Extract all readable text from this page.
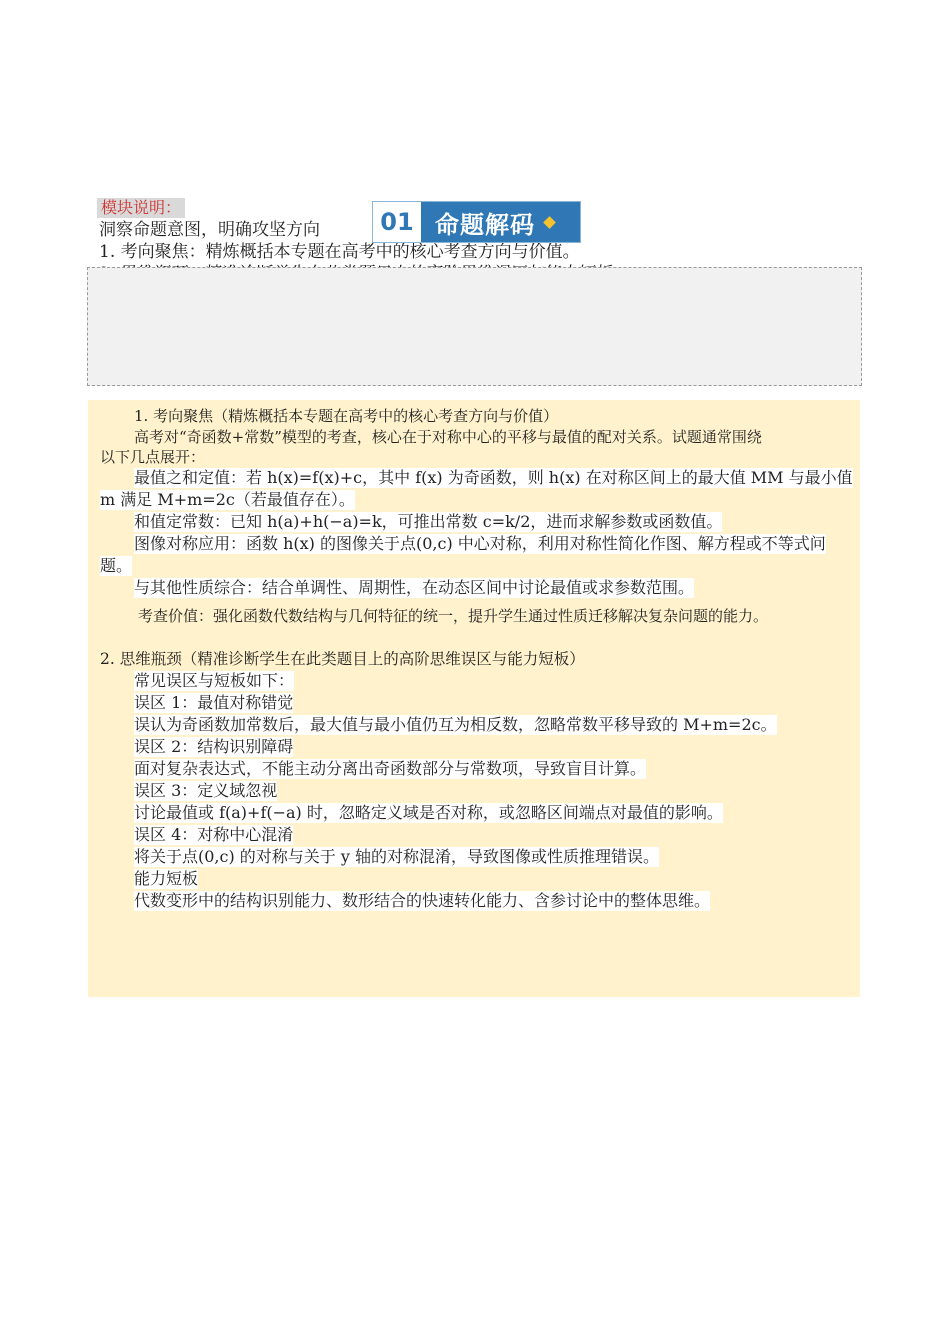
模块说明：
洞察命题意图，明确攻坚方向
1. 考向聚焦：精炼概括本专题在高考中的核心考查方向与价值。
01 命题解码
1. 考向聚焦（精炼概括本专题在高考中的核心考查方向与价值）
高考对“奇函数+常数”模型的考查，核心在于对称中心的平移与最值的配对关系。试题通常围绕
以下几点展开：
最值之和定值：若 h(x)=f(x)+c，其中 f(x) 为奇函数，则 h(x) 在对称区间上的最大值 MM 与最小值
m 满足 M+m=2c（若最值存在）。
和值定常数：已知 h(a)+h(−a)=k，可推出常数 c=k/2，进而求解参数或函数值。
图像对称应用：函数 h(x) 的图像关于点(0,c) 中心对称，利用对称性简化作图、解方程或不等式问
题。
与其他性质综合：结合单调性、周期性，在动态区间中讨论最值或求参数范围。
考查价值：强化函数代数结构与几何特征的统一，提升学生通过性质迁移解决复杂问题的能力。
2. 思维瓶颈（精准诊断学生在此类题目上的高阶思维误区与能力短板）
常见误区与短板如下：
误区 1：最值对称错觉
误认为奇函数加常数后，最大值与最小值仍互为相反数，忽略常数平移导致的 M+m=2c。
误区 2：结构识别障碍
面对复杂表达式，不能主动分离出奇函数部分与常数项，导致盲目计算。
误区 3：定义域忽视
讨论最值或 f(a)+f(−a) 时，忽略定义域是否对称，或忽略区间端点对最值的影响。
误区 4：对称中心混淆
将关于点(0,c) 的对称与关于 y 轴的对称混淆，导致图像或性质推理错误。
能力短板
代数变形中的结构识别能力、数形结合的快速转化能力、含参讨论中的整体思维。
